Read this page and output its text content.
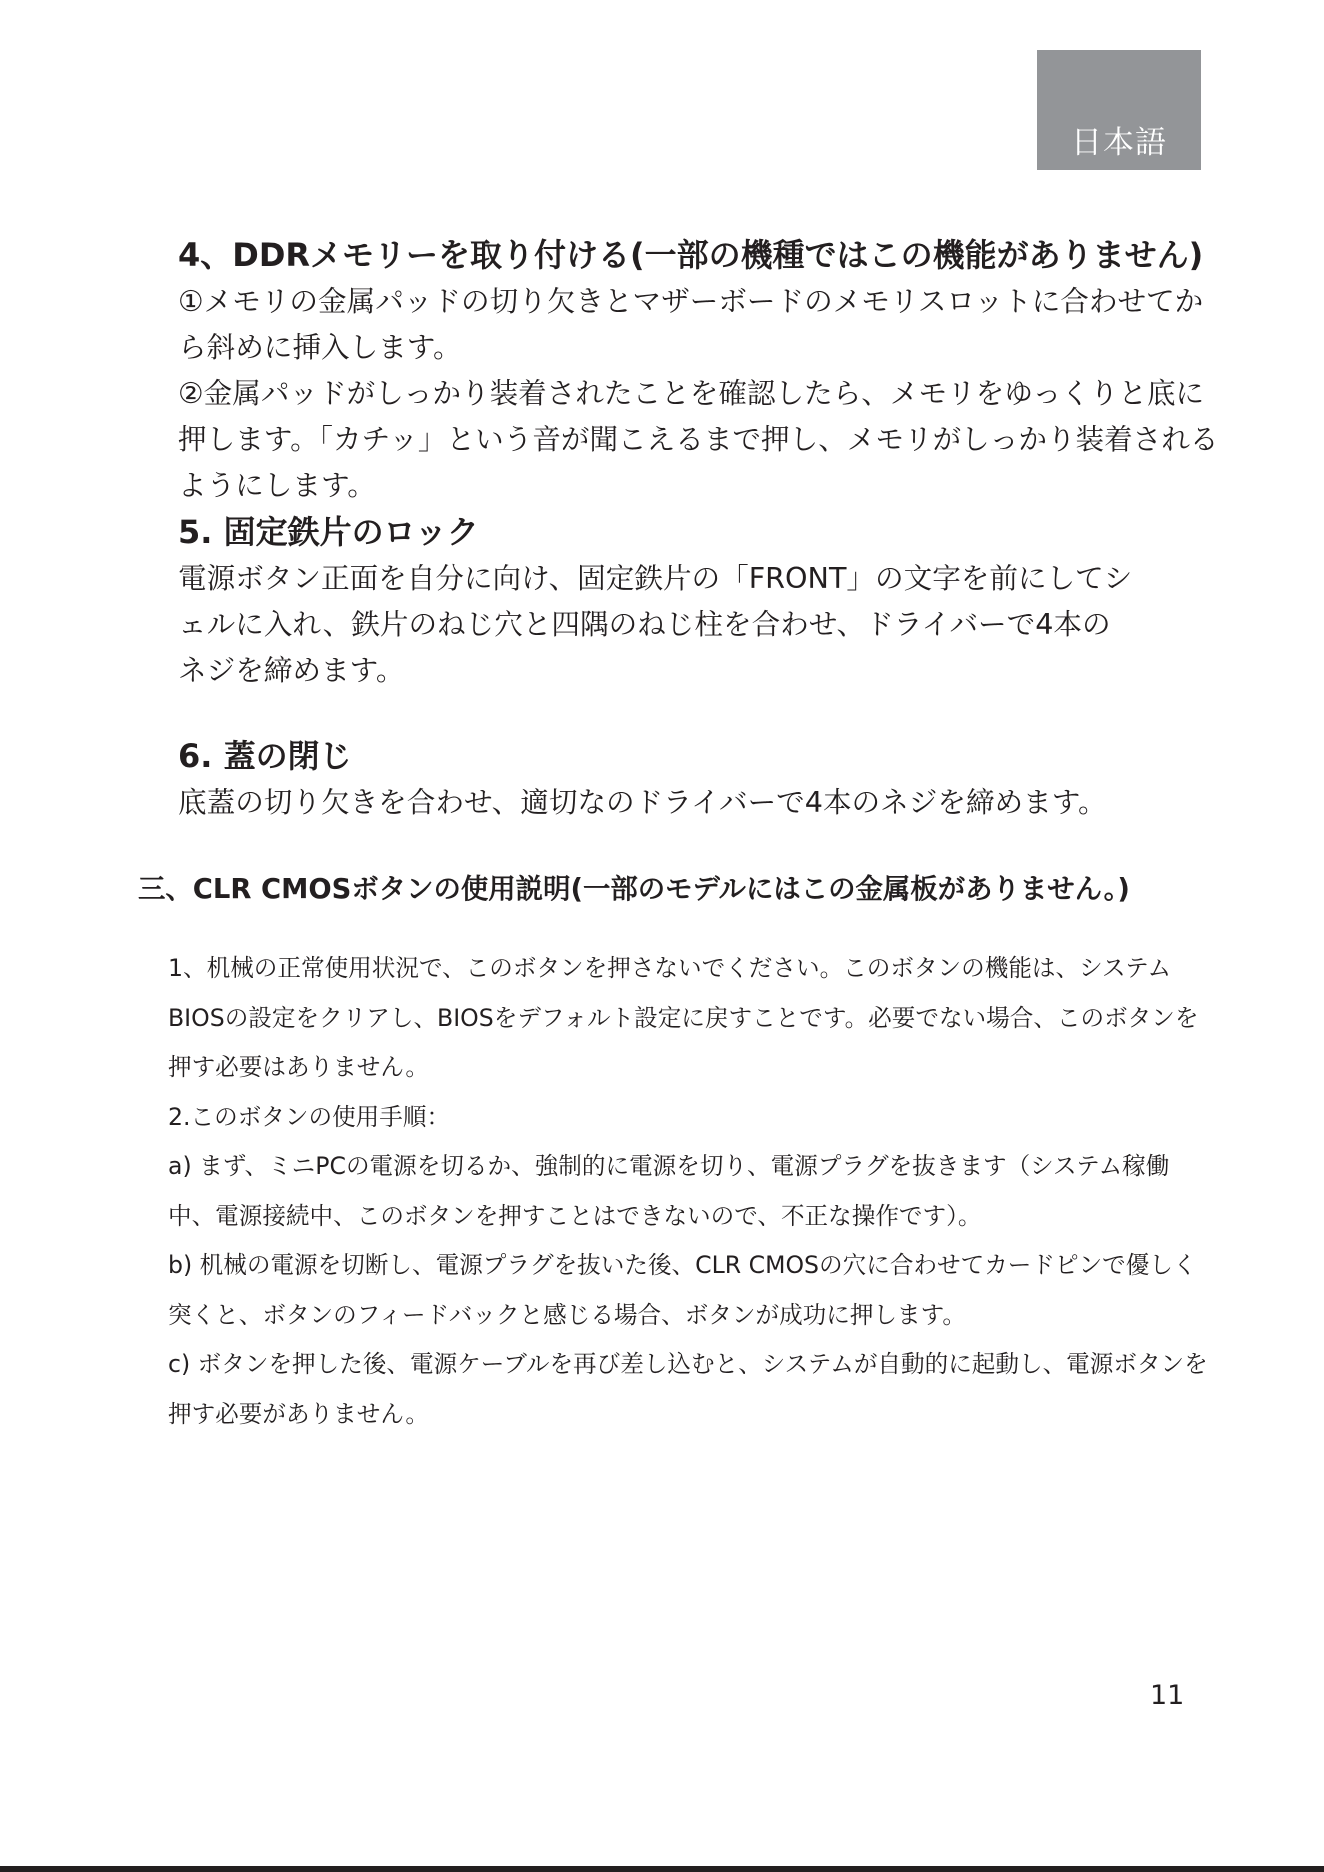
日本語
4、DDRメモリーを取り付ける(一部の機種ではこの機能がありません)

①メモリの金属パッドの切り欠きとマザーボードのメモリスロットに合わせてから斜めに挿入します。

②金属パッドがしっかり装着されたことを確認したら、メモリをゆっくりと底に押します。「カチッ」という音が聞こえるまで押し、メモリがしっかり装着されるようにします。

5. 固定鉄片のロック

電源ボタン正面を自分に向け、固定鉄片の「FRONT」の文字を前にしてシェルに入れ、鉄片のねじ穴と四隅のねじ柱を合わせ、ドライバーで4本のネジを締めます。

6. 蓋の閉じ

底蓋の切り欠きを合わせ、適切なのドライバーで4本のネジを締めます。

三、CLR CMOSボタンの使用説明(一部のモデルにはこの金属板がありません。)

1、机械の正常使用状況で、このボタンを押さないでください。このボタンの機能は、システムBIOSの設定をクリアし、BIOSをデフォルト設定に戻すことです。必要でない場合、このボタンを押す必要はありません。

2.このボタンの使用手順：

a) まず、ミニPCの電源を切るか、強制的に電源を切り、電源プラグを抜きます（システム稼働中、電源接続中、このボタンを押すことはできないので、不正な操作です）。

b) 机械の電源を切断し、電源プラグを抜いた後、CLR CMOSの穴に合わせてカードピンで優しく突くと、ボタンのフィードバックと感じる場合、ボタンが成功に押します。

c) ボタンを押した後、電源ケーブルを再び差し込むと、システムが自動的に起動し、電源ボタンを押す必要がありません。

11
